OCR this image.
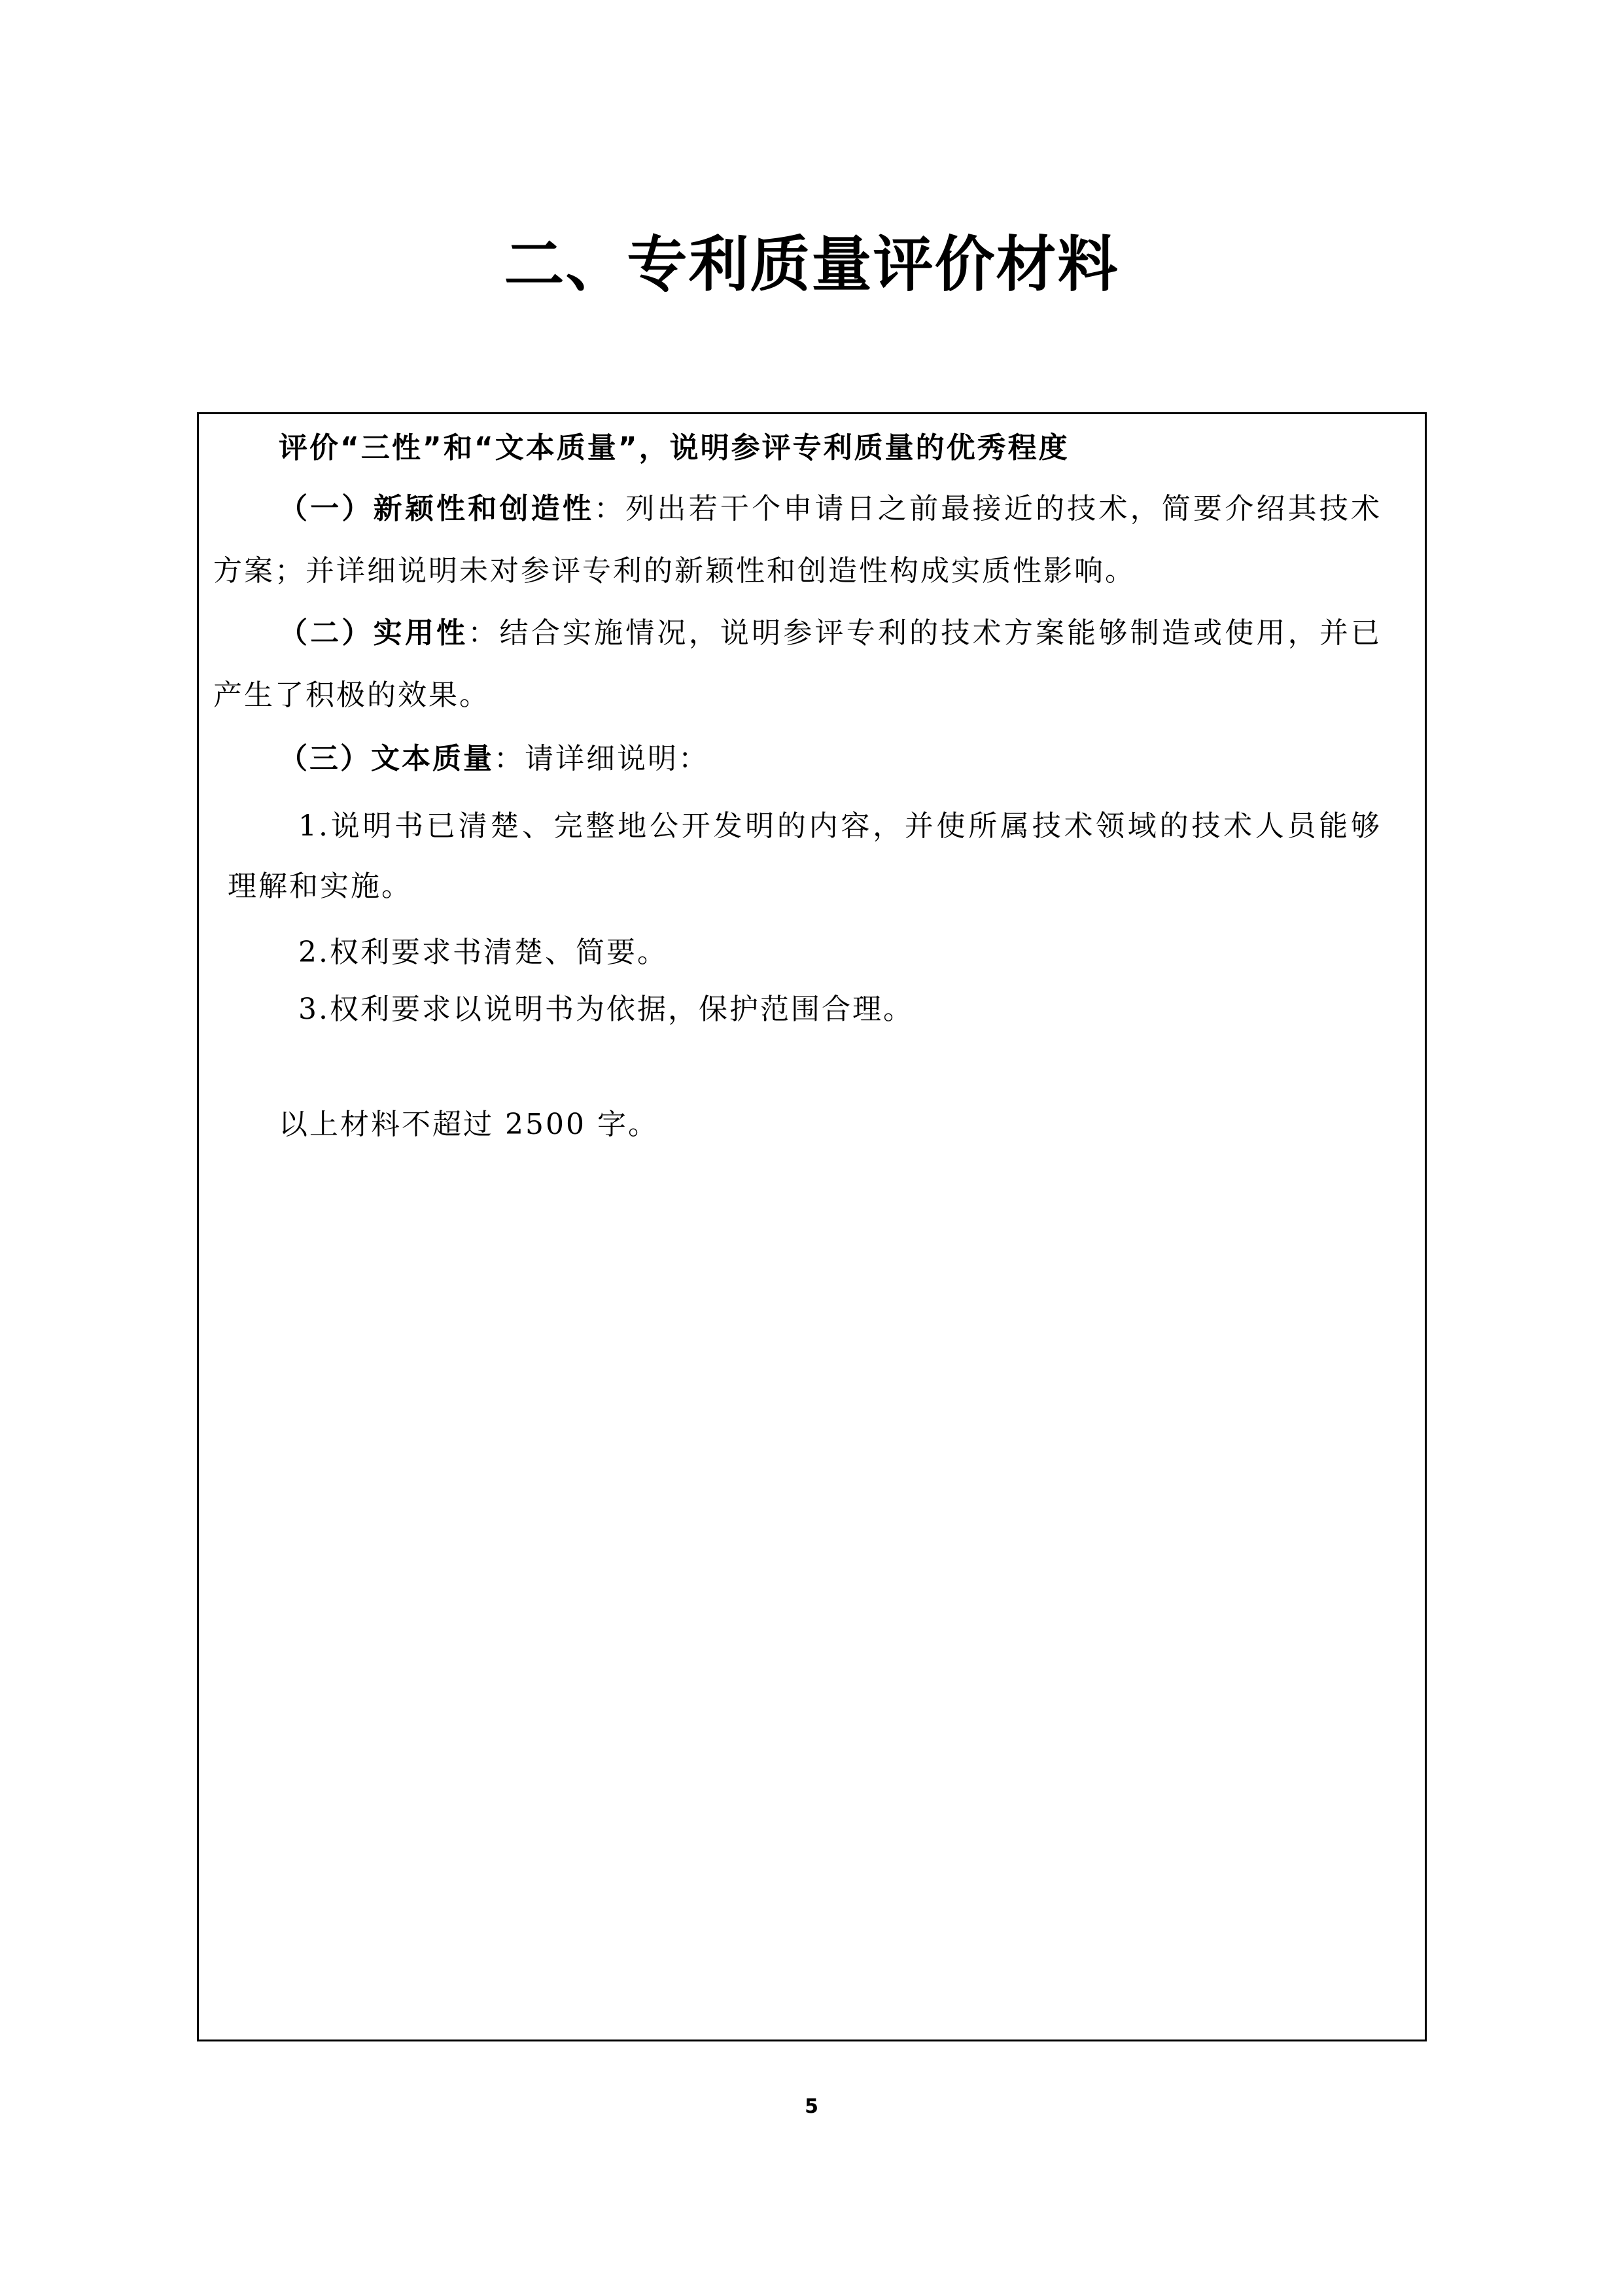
二、专利质量评价材料
评价“三性”和“文本质量”，说明参评专利质量的优秀程度
（一）新颖性和创造性：列出若干个申请日之前最接近的技术，简要介绍其技术
方案；并详细说明未对参评专利的新颖性和创造性构成实质性影响。
（二）实用性：结合实施情况，说明参评专利的技术方案能够制造或使用，并已
产生了积极的效果。
（三）文本质量：请详细说明：
1.说明书已清楚、完整地公开发明的内容，并使所属技术领域的技术人员能够
理解和实施。
2.权利要求书清楚、简要。
3.权利要求以说明书为依据，保护范围合理。
以上材料不超过 2500 字。
5
